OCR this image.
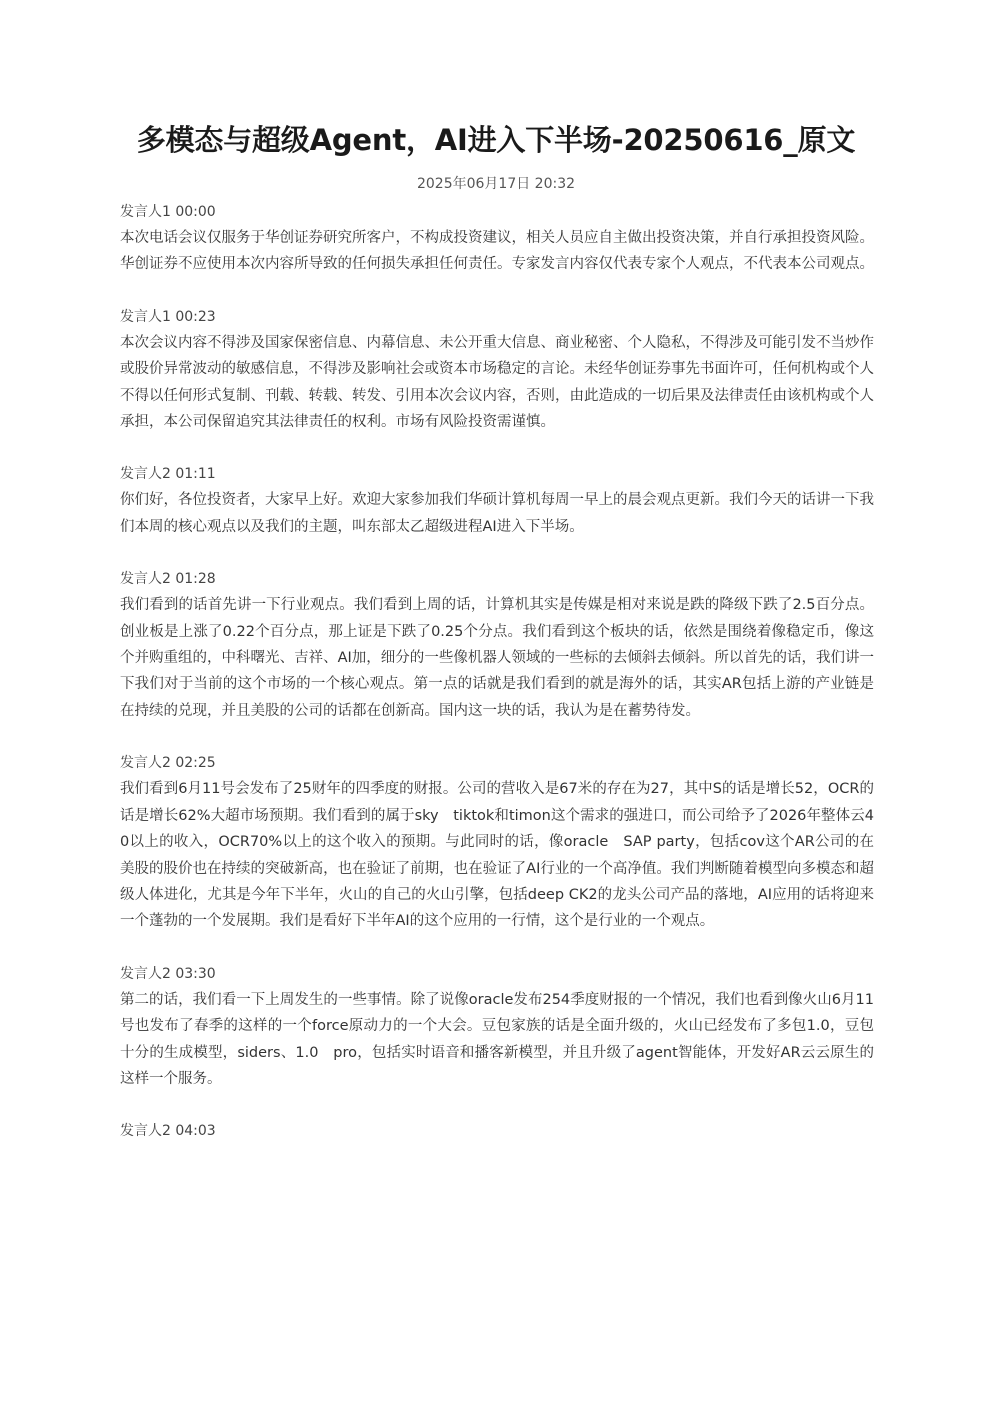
多模态与超级Agent，AI进入下半场-20250616_原文
2025年06月17日 20:32
发言人1 00:00

本次电话会议仅服务于华创证券研究所客户，不构成投资建议，相关人员应自主做出投资决策，并自行承担投资风险。华创证券不应使用本次内容所导致的任何损失承担任何责任。专家发言内容仅代表专家个人观点，不代表本公司观点。

发言人1 00:23

本次会议内容不得涉及国家保密信息、内幕信息、未公开重大信息、商业秘密、个人隐私，不得涉及可能引发不当炒作或股价异常波动的敏感信息，不得涉及影响社会或资本市场稳定的言论。未经华创证券事先书面许可，任何机构或个人不得以任何形式复制、刊载、转载、转发、引用本次会议内容，否则，由此造成的一切后果及法律责任由该机构或个人承担，本公司保留追究其法律责任的权利。市场有风险投资需谨慎。

发言人2 01:11

你们好，各位投资者，大家早上好。欢迎大家参加我们华硕计算机每周一早上的晨会观点更新。我们今天的话讲一下我们本周的核心观点以及我们的主题，叫东部太乙超级进程AI进入下半场。

发言人2 01:28

我们看到的话首先讲一下行业观点。我们看到上周的话，计算机其实是传媒是相对来说是跌的降级下跌了2.5百分点。创业板是上涨了0.22个百分点，那上证是下跌了0.25个分点。我们看到这个板块的话，依然是围绕着像稳定币，像这个并购重组的，中科曙光、吉祥、AI加，细分的一些像机器人领域的一些标的去倾斜去倾斜。所以首先的话，我们讲一下我们对于当前的这个市场的一个核心观点。第一点的话就是我们看到的就是海外的话，其实AR包括上游的产业链是在持续的兑现，并且美股的公司的话都在创新高。国内这一块的话，我认为是在蓄势待发。

发言人2 02:25

我们看到6月11号会发布了25财年的四季度的财报。公司的营收入是67米的存在为27，其中S的话是增长52，OCR的话是增长62%大超市场预期。我们看到的属于sky　tiktok和timon这个需求的强进口，而公司给予了2026年整体云40以上的收入，OCR70%以上的这个收入的预期。与此同时的话，像oracle　SAP party，包括cov这个AR公司的在美股的股价也在持续的突破新高，也在验证了前期，也在验证了AI行业的一个高净值。我们判断随着模型向多模态和超级人体进化，尤其是今年下半年，火山的自己的火山引擎，包括deep CK2的龙头公司产品的落地，AI应用的话将迎来一个蓬勃的一个发展期。我们是看好下半年AI的这个应用的一行情，这个是行业的一个观点。

发言人2 03:30

第二的话，我们看一下上周发生的一些事情。除了说像oracle发布254季度财报的一个情况，我们也看到像火山6月11号也发布了春季的这样的一个force原动力的一个大会。豆包家族的话是全面升级的，火山已经发布了多包1.0，豆包十分的生成模型，siders、1.0　pro，包括实时语音和播客新模型，并且升级了agent智能体，开发好AR云云原生的这样一个服务。

发言人2 04:03
